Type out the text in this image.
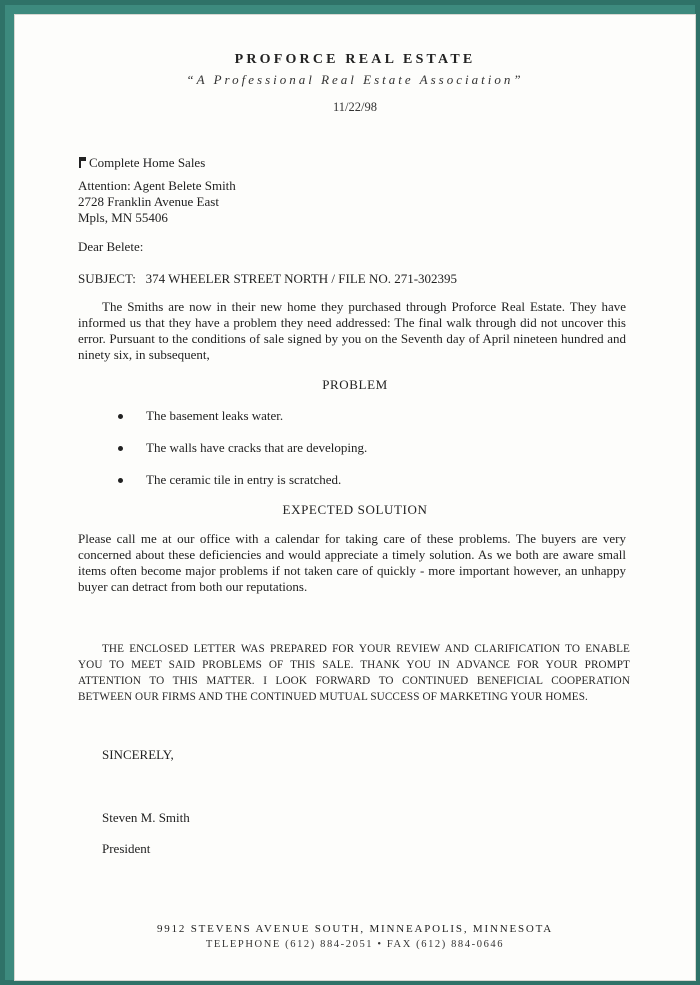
PROFORCE REAL ESTATE
“A Professional Real Estate Association”
11/22/98
Complete Home Sales
Attention: Agent Belete Smith
2728 Franklin Avenue East
Mpls, MN 55406
Dear Belete:
SUBJECT:   374 WHEELER STREET NORTH / FILE NO. 271-302395
The Smiths are now in their new home they purchased through Proforce Real Estate. They have informed us that they have a problem they need addressed: The final walk through did not uncover this error. Pursuant to the conditions of sale signed by you on the Seventh day of April nineteen hundred and ninety six, in subsequent,
PROBLEM
The basement leaks water.
The walls have cracks that are developing.
The ceramic tile in entry is scratched.
EXPECTED SOLUTION
Please call me at our office with a calendar for taking care of these problems. The buyers are very concerned about these deficiencies and would appreciate a timely solution. As we both are aware small items often become major problems if not taken care of quickly - more important however, an unhappy buyer can detract from both our reputations.
THE ENCLOSED LETTER WAS PREPARED FOR YOUR REVIEW AND CLARIFICATION TO ENABLE YOU TO MEET SAID PROBLEMS OF THIS SALE. THANK YOU IN ADVANCE FOR YOUR PROMPT ATTENTION TO THIS MATTER. I LOOK FORWARD TO CONTINUED BENEFICIAL COOPERATION BETWEEN OUR FIRMS AND THE CONTINUED MUTUAL SUCCESS OF MARKETING YOUR HOMES.
SINCERELY,
Steven M. Smith
President
9912 STEVENS AVENUE SOUTH, MINNEAPOLIS, MINNESOTA
TELEPHONE (612) 884-2051 • FAX (612) 884-0646
